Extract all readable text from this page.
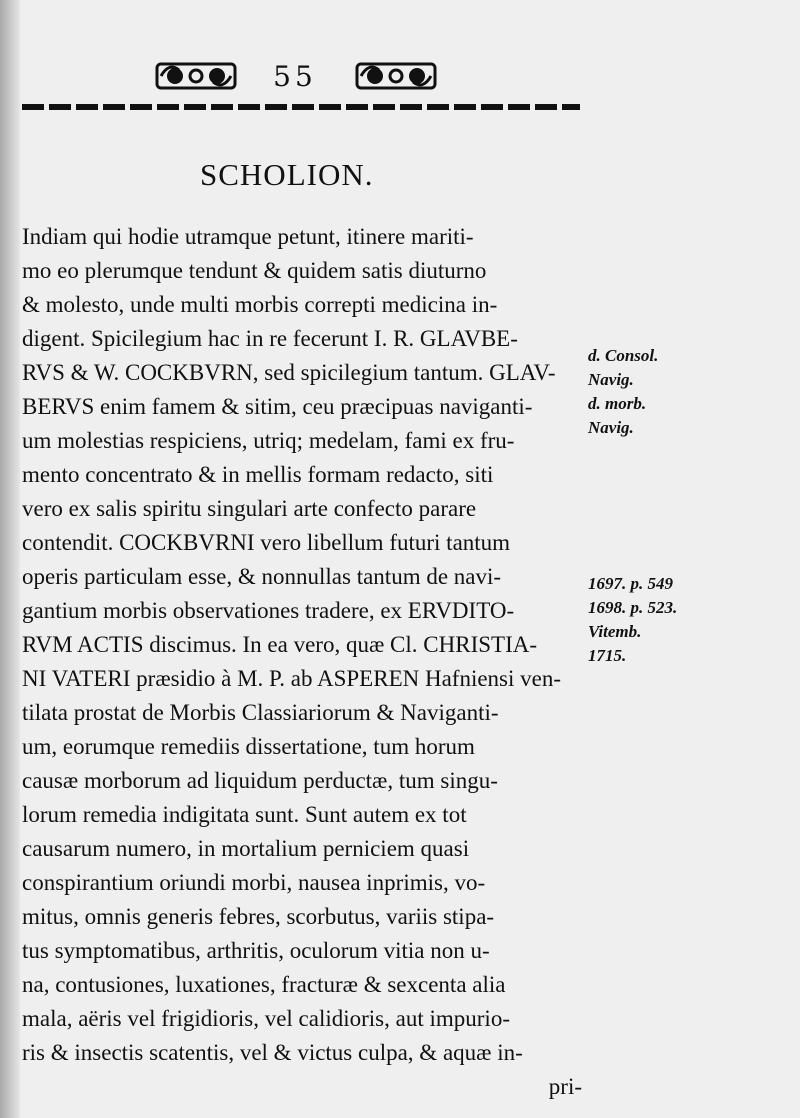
55
SCHOLION.
Indiam qui hodie utramque petunt, itinere mariti-
mo eo plerumque tendunt & quidem satis diuturno
& molesto, unde multi morbis correpti medicina in-
digent. Spicilegium hac in re fecerunt I. R. GLAVBE-
RVS & W. COCKBVRN, sed spicilegium tantum. GLAV-
BERVS enim famem & sitim, ceu præcipuas naviganti-
um molestias respiciens, utriq; medelam, fami ex fru-
mento concentrato & in mellis formam redacto, siti
vero ex salis spiritu singulari arte confecto parare
contendit. COCKBVRNI vero libellum futuri tantum
operis particulam esse, & nonnullas tantum de navi-
gantium morbis observationes tradere, ex ERVDITO-
RVM ACTIS discimus. In ea vero, quæ Cl. CHRISTIA-
NI VATERI præsidio à M. P. ab ASPEREN Hafniensi ven-
tilata prostat de Morbis Classiariorum & Naviganti-
um, eorumque remediis dissertatione, tum horum
causæ morborum ad liquidum perductæ, tum singu-
lorum remedia indigitata sunt. Sunt autem ex tot
causarum numero, in mortalium perniciem quasi
conspirantium oriundi morbi, nausea inprimis, vo-
mitus, omnis generis febres, scorbutus, variis stipa-
tus symptomatibus, arthritis, oculorum vitia non u-
na, contusiones, luxationes, fracturæ & sexcenta alia
mala, aëris vel frigidioris, vel calidioris, aut impurio-
ris & insectis scatentis, vel & victus culpa, & aquæ in-
pri-
d. Consol.
Navig.
d. morb.
Navig.
1697. p. 549
1698. p. 523.
Vitemb.
1715.
